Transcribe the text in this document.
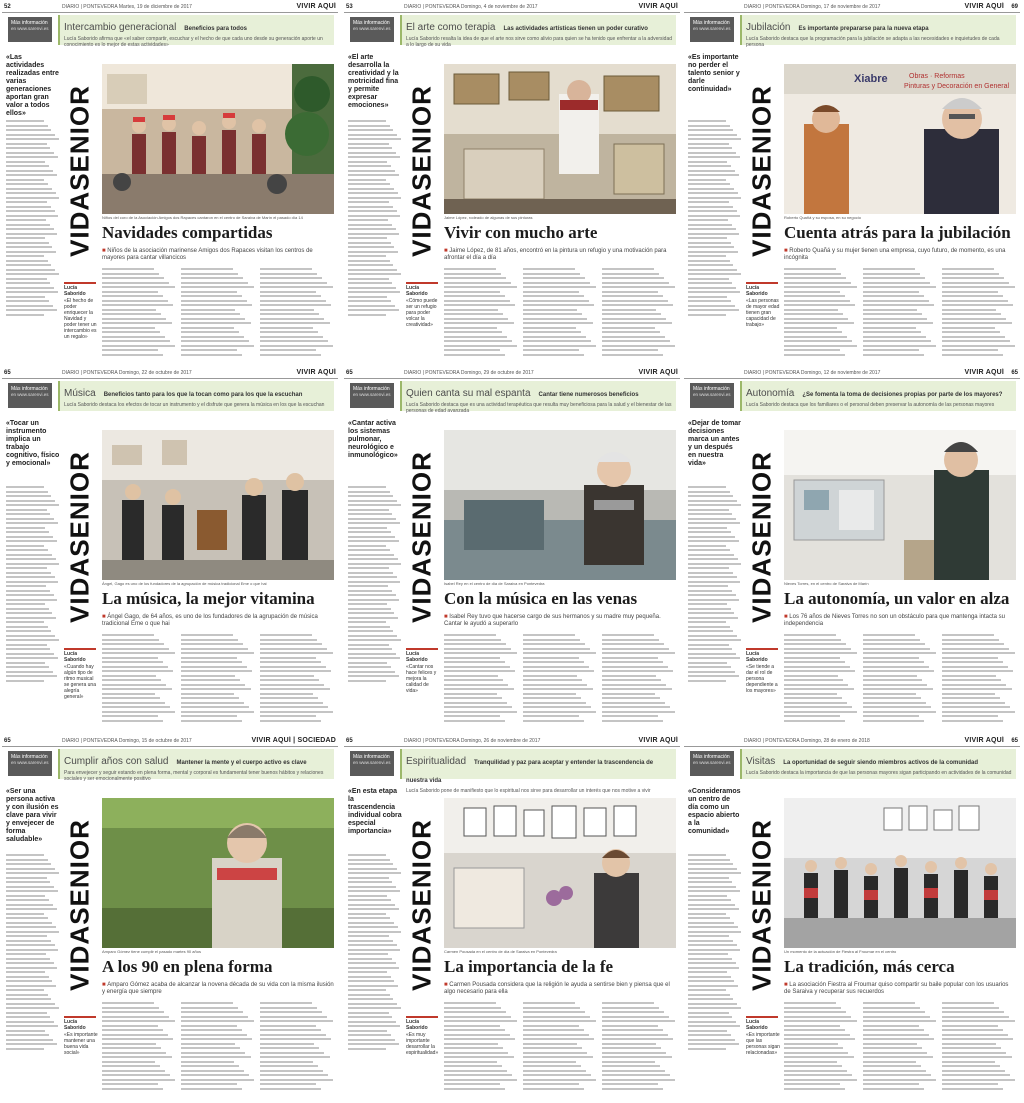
52	DIARIO | PONTEVEDRA Martes, 19 de diciembre de 2017	VIVIR AQUÍ
Más información
en www.sarenvi.es	Intercambio generacional Beneficios para todos
Lucía Saborido afirma que «el saber compartir, escuchar y el hecho de que cada uno desde su generación aporte un conocimiento es lo mejor de estas actividades»
«Las actividades realizadas entre varias generaciones aportan gran valor a todos ellos»
VIDASENIOR
Niños del coro de la Asociación Amigos dos Rapaces cantaron en el centro de Saraiva de Marín el pasado día 14
Navidades compartidas
■ Niños de la asociación marinense Amigos dos Rapaces visitan los centros de mayores para cantar villancicos
Lucía Saborido
«El hecho de poder enriquecer la Navidad y poder tener un intercambio es un regalo»
53	DIARIO | PONTEVEDRA Domingo, 4 de noviembre de 2017	VIVIR AQUÍ
Más información
en www.sarenvi.es	El arte como terapia Las actividades artísticas tienen un poder curativo
Lucía Saborido resalta la idea de que el arte nos sirve como alivio para quien se ha tenido que enfrentar a la adversidad a lo largo de su vida
«El arte desarrolla la creatividad y la motricidad fina y permite expresar emociones»
VIDASENIOR
Jaime López, rodeado de algunas de sus pinturas
Vivir con mucho arte
■ Jaime López, de 81 años, encontró en la pintura un refugio y una motivación para afrontar el día a día
Lucía Saborido
«Cómo puede ser un refugio para poder volcar la creatividad»
69
DIARIO | PONTEVEDRA Domingo, 17 de noviembre de 2017	VIVIR AQUÍ
Más información
en www.sarenvi.es	Jubilación Es importante prepararse para la nueva etapa
Lucía Saborido destaca que la programación para la jubilación se adapta a las necesidades e inquietudes de cada persona
«Es importante no perder el talento senior y darle continuidad»
VIDASENIOR
Xiabre	Obras · Reformas
Pinturas y Decoración en General
Roberto Quañá y su esposa, en su negocio
Cuenta atrás para la jubilación
■ Roberto Quañá y su mujer tienen una empresa, cuyo futuro, de momento, es una incógnita
Lucía Saborido
«Las personas de mayor edad tienen gran capacidad de trabajo»
65	DIARIO | PONTEVEDRA Domingo, 22 de octubre de 2017	VIVIR AQUÍ
Más información
en www.sarenvi.es	Música Beneficios tanto para los que la tocan como para los que la escuchan
Lucía Saborido destaca los efectos de tocar un instrumento y el disfrute que genera la música en los que la escuchan
«Tocar un instrumento implica un trabajo cognitivo, físico y emocional»
VIDASENIOR
Ángel, Gago es uno de los fundadores de la agrupación de música tradicional Eme o que hai
La música, la mejor vitamina
■ Ángel Gago, de 64 años, es uno de los fundadores de la agrupación de música tradicional Eme o que hai
Lucía Saborido
«Cuando hay algún tipo de ritmo musical se genera una alegría general»
65	DIARIO | PONTEVEDRA Domingo, 29 de octubre de 2017	VIVIR AQUÍ
Más información
en www.sarenvi.es	Quien canta su mal espanta Cantar tiene numerosos beneficios
Lucía Saborido destaca que es una actividad terapéutica que resulta muy beneficiosa para la salud y el bienestar de las personas de edad avanzada
«Cantar activa los sistemas pulmonar, neurológico e inmunológico»
VIDASENIOR
Isabel Rey en el centro de día de Saraiva en Pontevedra
Con la música en las venas
■ Isabel Rey tuvo que hacerse cargo de sus hermanos y su madre muy pequeña. Cantar le ayudó a superarlo
Lucía Saborido
«Cantar nos hace felices y mejora la calidad de vida»
65
DIARIO | PONTEVEDRA Domingo, 12 de noviembre de 2017	VIVIR AQUÍ
Más información
en www.sarenvi.es	Autonomía ¿Se fomenta la toma de decisiones propias por parte de los mayores?
Lucía Saborido destaca que los familiares o el personal deben preservar la autonomía de las personas mayores
«Dejar de tomar decisiones marca un antes y un después en nuestra vida»
VIDASENIOR
Nieves Torres, en el centro de Saraiva de Marín
La autonomía, un valor en alza
■ Los 76 años de Nieves Torres no son un obstáculo para que mantenga intacta su independencia
Lucía Saborido
«Se tiende a dar el rol de persona dependiente a los mayores»
65	DIARIO | PONTEVEDRA Domingo, 15 de octubre de 2017	VIVIR AQUÍ | SOCIEDAD
Más información
en www.sarenvi.es	Cumplir años con salud Mantener la mente y el cuerpo activo es clave
Para envejecer y seguir estando en plena forma, mental y corporal es fundamental tener buenos hábitos y relaciones sociales y ser emocionalmente positivo
«Ser una persona activa y con ilusión es clave para vivir y envejecer de forma saludable»
VIDASENIOR
Amparo Gómez tiene cumplir el pasado martes 90 años
A los 90 en plena forma
■ Amparo Gómez acaba de alcanzar la novena década de su vida con la misma ilusión y energía que siempre
Lucía Saborido
«Es importante mantener una buena vida social»
65	DIARIO | PONTEVEDRA Domingo, 26 de noviembre de 2017	VIVIR AQUÍ
Más información
en www.sarenvi.es	Espiritualidad Tranquilidad y paz para aceptar y entender la trascendencia de nuestra vida
Lucía Saborido pone de manifiesto que lo espiritual nos sirve para desarrollar un interés que nos motive a vivir
«En esta etapa la trascendencia individual cobra especial importancia»
VIDASENIOR
Carmen Pousada en el centro de día de Saraiva en Pontevedra
La importancia de la fe
■ Carmen Pousada considera que la religión le ayuda a sentirse bien y piensa que el algo necesario para ella
Lucía Saborido
«Es muy importante desarrollar la espiritualidad»
65
DIARIO | PONTEVEDRA Domingo, 28 de enero de 2018	VIVIR AQUÍ
Más información
en www.sarenvi.es	Visitas La oportunidad de seguir siendo miembros activos de la comunidad
Lucía Saborido destaca la importancia de que las personas mayores sigan participando en actividades de la comunidad
«Consideramos un centro de día como un espacio abierto a la comunidad»
VIDASENIOR
Un momento de la actuación de Fiestra al Froumar en el centro
La tradición, más cerca
■ La asociación Fiestra al Froumar quiso compartir su baile popular con los usuarios de Saraiva y recuperar sus recuerdos
Lucía Saborido
«Es importante que las personas sigan relacionadas»
